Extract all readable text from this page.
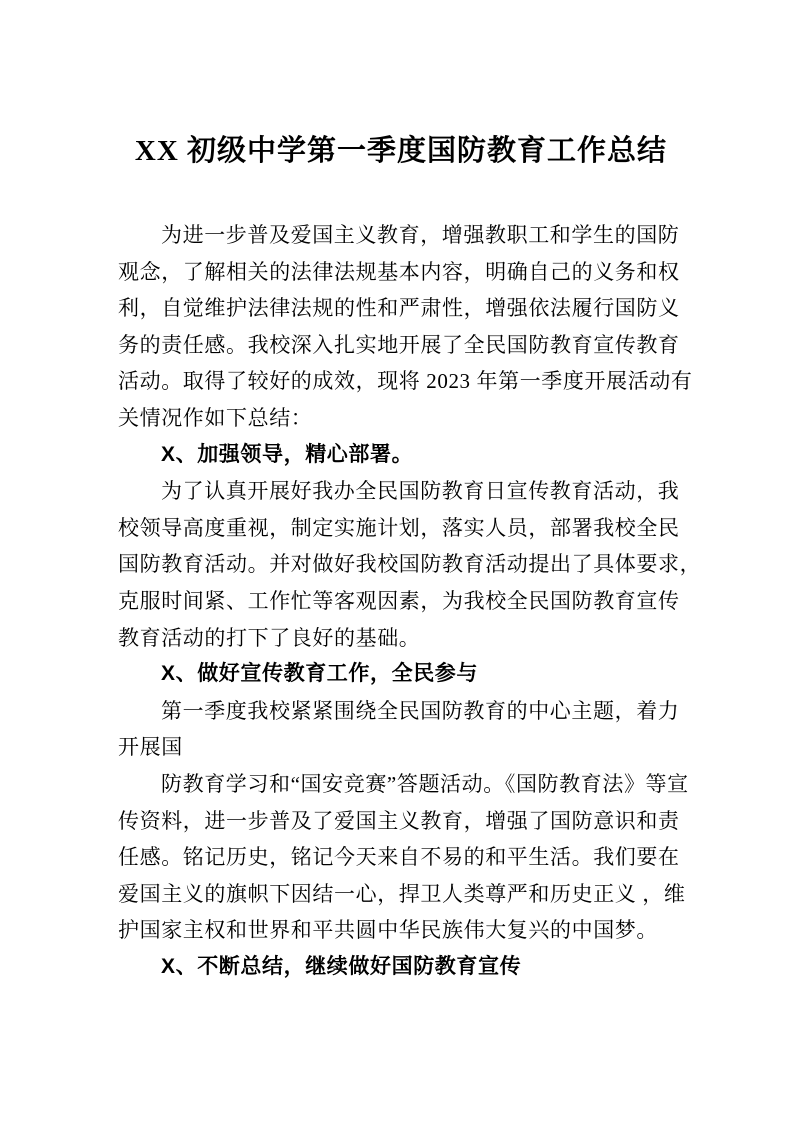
XX 初级中学第一季度国防教育工作总结

为进一步普及爱国主义教育，增强教职工和学生的国防
观念，了解相关的法律法规基本内容，明确自己的义务和权
利，自觉维护法律法规的性和严肃性，增强依法履行国防义
务的责任感。我校深入扎实地开展了全民国防教育宣传教育
活动。取得了较好的成效，现将 2023 年第一季度开展活动有
关情况作如下总结：

X、加强领导，精心部署。

为了认真开展好我办全民国防教育日宣传教育活动，我
校领导高度重视，制定实施计划，落实人员，部署我校全民
国防教育活动。并对做好我校国防教育活动提出了具体要求，
克服时间紧、工作忙等客观因素，为我校全民国防教育宣传
教育活动的打下了良好的基础。

X、做好宣传教育工作，全民参与

第一季度我校紧紧围绕全民国防教育的中心主题，着力
开展国

防教育学习和“国安竞赛”答题活动。《国防教育法》等宣
传资料，进一步普及了爱国主义教育，增强了国防意识和责
任感。铭记历史，铭记今天来自不易的和平生活。我们要在
爱国主义的旗帜下因结一心，捍卫人类尊严和历史正义 ，维
护国家主权和世界和平共圆中华民族伟大复兴的中国梦。

X、不断总结，继续做好国防教育宣传
